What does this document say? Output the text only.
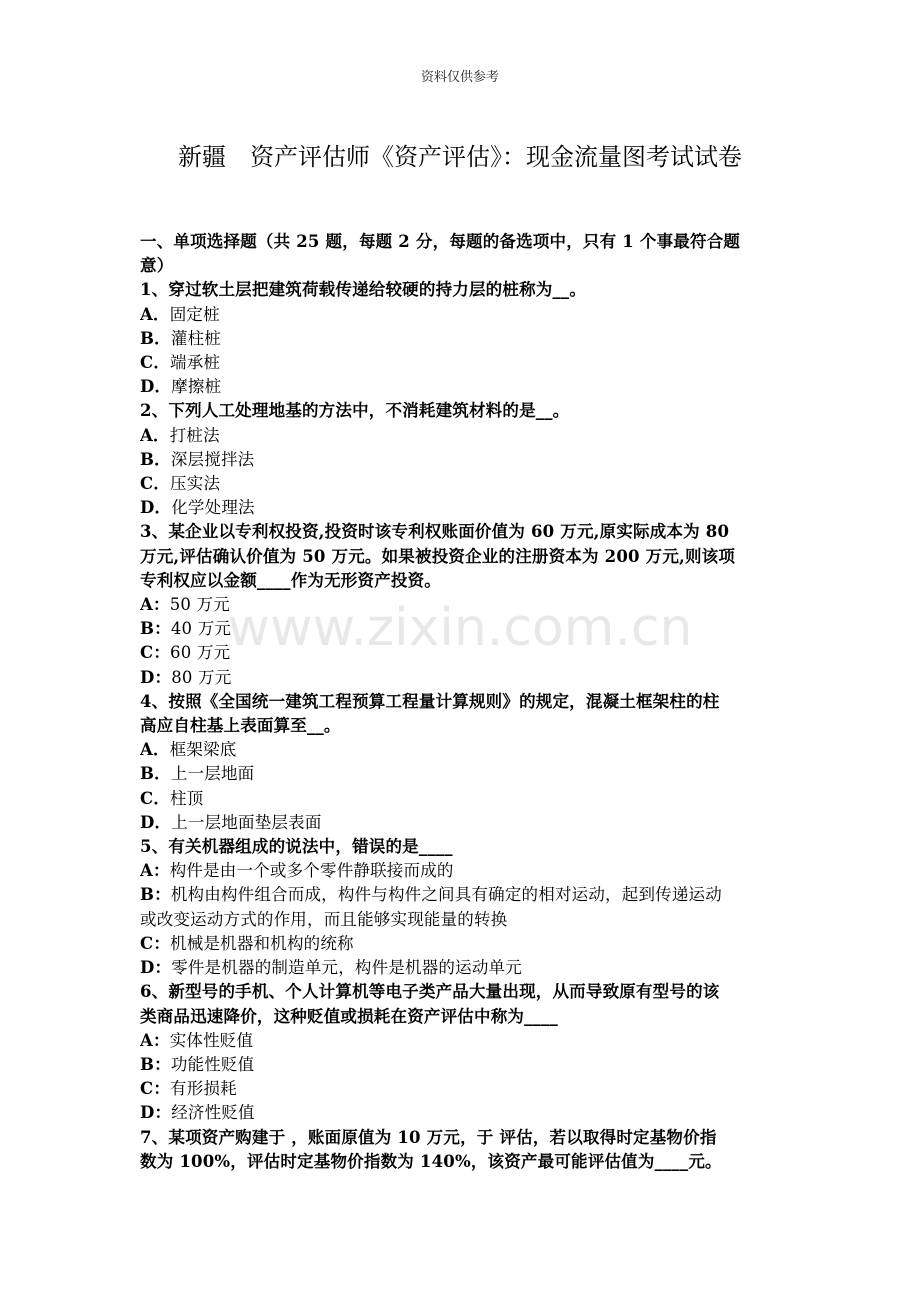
资料仅供参考
新疆　资产评估师《资产评估》：现金流量图考试试卷
一、单项选择题（共 25 题，每题 2 分，每题的备选项中，只有 1 个事最符合题
意）
1、穿过软土层把建筑荷载传递给较硬的持力层的桩称为__。
A．固定桩
B．灌柱桩
C．端承桩
D．摩擦桩
2、下列人工处理地基的方法中，不消耗建筑材料的是__。
A．打桩法
B．深层搅拌法
C．压实法
D．化学处理法
3、某企业以专利权投资,投资时该专利权账面价值为 60 万元,原实际成本为 80
万元,评估确认价值为 50 万元。如果被投资企业的注册资本为 200 万元,则该项
专利权应以金额____作为无形资产投资。
A：50 万元
B：40 万元
C：60 万元
D：80 万元
4、按照《全国统一建筑工程预算工程量计算规则》的规定，混凝土框架柱的柱
高应自柱基上表面算至__。
A．框架梁底
B．上一层地面
C．柱顶
D．上一层地面垫层表面
5、有关机器组成的说法中，错误的是____
A：构件是由一个或多个零件静联接而成的
B：机构由构件组合而成，构件与构件之间具有确定的相对运动，起到传递运动
或改变运动方式的作用，而且能够实现能量的转换
C：机械是机器和机构的统称
D：零件是机器的制造单元，构件是机器的运动单元
6、新型号的手机、个人计算机等电子类产品大量出现，从而导致原有型号的该
类商品迅速降价，这种贬值或损耗在资产评估中称为____
A：实体性贬值
B：功能性贬值
C：有形损耗
D：经济性贬值
7、某项资产购建于 ，账面原值为 10 万元，于 评估，若以取得时定基物价指
数为 100%，评估时定基物价指数为 140%，该资产最可能评估值为____元。
www.zixin.com.cn
